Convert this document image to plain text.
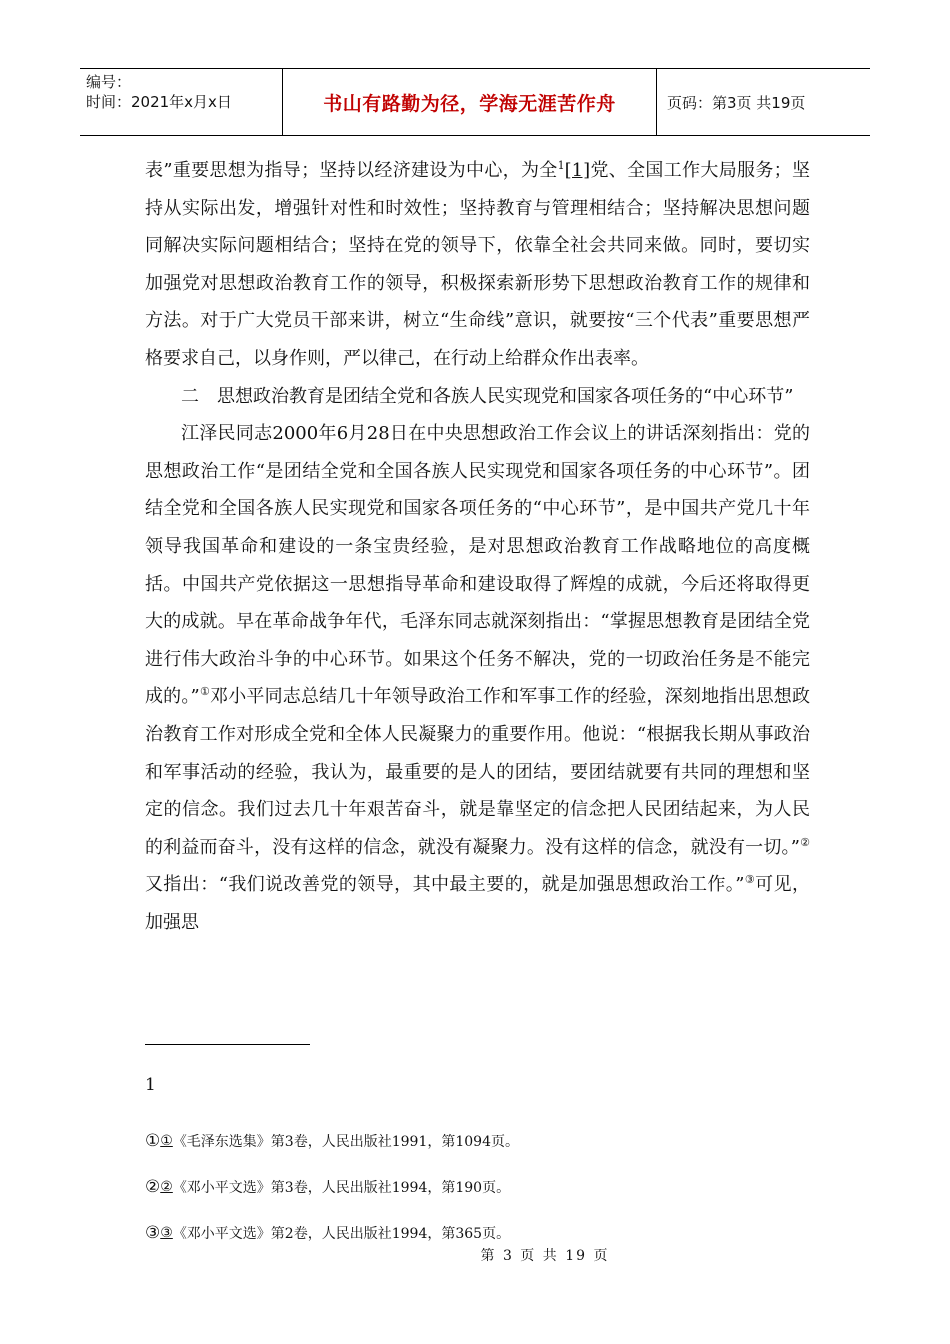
编号：
时间：2021年x月x日	书山有路勤为径，学海无涯苦作舟	页码：第3页 共19页

表”重要思想为指导；坚持以经济建设为中心，为全$^1$[1]党、全国工作大局服务；坚持从实际出发，增强针对性和时效性；坚持教育与管理相结合；坚持解决思想问题同解决实际问题相结合；坚持在党的领导下，依靠全社会共同来做。同时，要切实加强党对思想政治教育工作的领导，积极探索新形势下思想政治教育工作的规律和方法。对于广大党员干部来讲，树立“生命线”意识，就要按“三个代表”重要思想严格要求自己，以身作则，严以律己，在行动上给群众作出表率。

二　思想政治教育是团结全党和各族人民实现党和国家各项任务的“中心环节”

江泽民同志2000年6月28日在中央思想政治工作会议上的讲话深刻指出：党的思想政治工作“是团结全党和全国各族人民实现党和国家各项任务的中心环节”。团结全党和全国各族人民实现党和国家各项任务的“中心环节”，是中国共产党几十年领导我国革命和建设的一条宝贵经验，是对思想政治教育工作战略地位的高度概括。中国共产党依据这一思想指导革命和建设取得了辉煌的成就，今后还将取得更大的成就。早在革命战争年代，毛泽东同志就深刻指出：“掌握思想教育是团结全党进行伟大政治斗争的中心环节。如果这个任务不解决，党的一切政治任务是不能完成的。”①邓小平同志总结几十年领导政治工作和军事工作的经验，深刻地指出思想政治教育工作对形成全党和全体人民凝聚力的重要作用。他说：“根据我长期从事政治和军事活动的经验，我认为，最重要的是人的团结，要团结就要有共同的理想和坚定的信念。我们过去几十年艰苦奋斗，就是靠坚定的信念把人民团结起来，为人民的利益而奋斗，没有这样的信念，就没有凝聚力。没有这样的信念，就没有一切。”②又指出：“我们说改善党的领导，其中最主要的，就是加强思想政治工作。”③可见，加强思

1
① ① 《毛泽东选集》第3卷，人民出版社1991，第1094页。
② ② 《邓小平文选》第3卷，人民出版社1994，第190页。
③ ③ 《邓小平文选》第2卷，人民出版社1994，第365页。
第 3 页 共 19 页
